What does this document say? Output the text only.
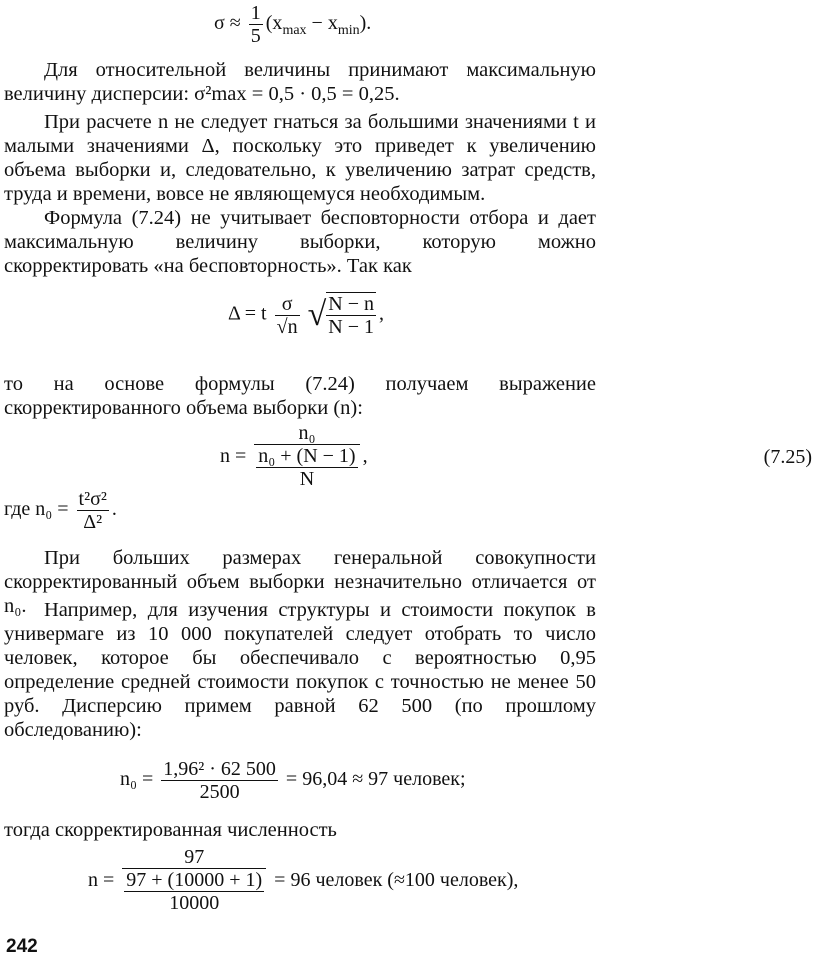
$\sigma \approx \frac{1}{5} (x_{max} - x_{min})$.

Для относительной величины принимают максимальную величину дисперсии: σ²max = 0,5 · 0,5 = 0,25.

При расчете n не следует гнаться за большими значениями t и малыми значениями Δ, поскольку это приведет к увеличению объема выборки и, следовательно, к увеличению затрат средств, труда и времени, вовсе не являющемуся необходимым.

Формула (7.24) не учитывает бесповторности отбора и дает максимальную величину выборки, которую можно скорректировать «на бесповторность». Так как

Δ = t $\frac{\sigma}{√n}$ √ $\frac{N - n}{N - 1}$ ,

то на основе формулы (7.24) получаем выражение скорректированного объема выборки (n):

$n = \frac{\text{n₀}}{\frac{\text{n₀ + (N − 1)}}{N}}$ ,	(7.25)
где $n_0 = \frac{\text{t²σ²}}{\text{Δ²}}$ .

При больших размерах генеральной совокупности скорректированный объем выборки незначительно отличается от n₀. Например, для изучения структуры и стоимости покупок в универмаге из 10 000 покупателей следует отобрать то число человек, которое бы обеспечивало с вероятностью 0,95 определение средней стоимости покупок с точностью не менее 50 руб. Дисперсию примем равной 62 500 (по прошлому обследованию):

$n_0 = \frac{\text{1,96² · 62 500}}{2500} = 96,04 \approx 97$ человек;

тогда скорректированная численность

$n = \frac{97}{\frac{97 + (10000 + 1)}{10000}} = 96$ человек (≈100 человек),
242
